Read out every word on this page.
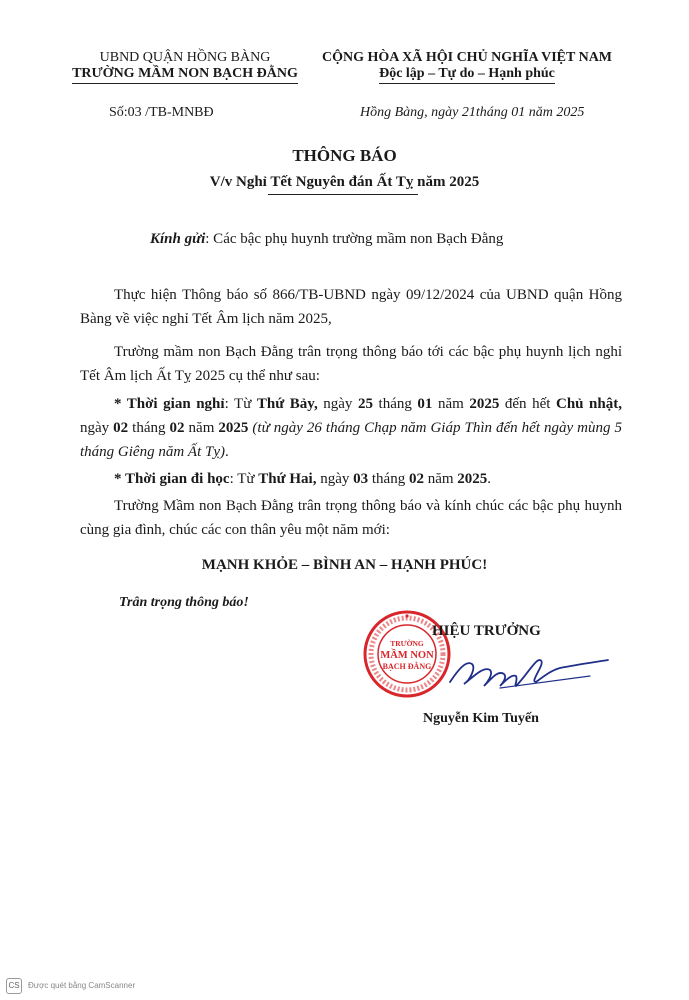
UBND QUẬN HỒNG BÀNG
TRƯỜNG MẦM NON BẠCH ĐẰNG
CỘNG HÒA XÃ HỘI CHỦ NGHĨA VIỆT NAM
Độc lập – Tự do – Hạnh phúc
Số:03 /TB-MNBĐ	Hồng Bàng, ngày 21tháng 01 năm 2025
THÔNG BÁO
V/v Nghỉ Tết Nguyên đán Ất Tỵ năm 2025
Kính gửi: Các bậc phụ huynh trường mầm non Bạch Đằng
Thực hiện Thông báo số 866/TB-UBND ngày 09/12/2024 của UBND quận Hồng Bàng về việc nghỉ Tết Âm lịch năm 2025,
Trường mầm non Bạch Đằng trân trọng thông báo tới các bậc phụ huynh lịch nghỉ Tết Âm lịch Ất Tỵ 2025 cụ thể như sau:
* Thời gian nghỉ: Từ Thứ Bảy, ngày 25 tháng 01 năm 2025 đến hết Chủ nhật, ngày 02 tháng 02 năm 2025 (từ ngày 26 tháng Chạp năm Giáp Thìn đến hết ngày mùng 5 tháng Giêng năm Ất Tỵ).
* Thời gian đi học: Từ Thứ Hai, ngày 03 tháng 02 năm 2025.
Trường Mầm non Bạch Đằng trân trọng thông báo và kính chúc các bậc phụ huynh cùng gia đình, chúc các con thân yêu một năm mới:
MẠNH KHỎE – BÌNH AN – HẠNH PHÚC!
Trân trọng thông báo!
TRƯỜNG
MẦM NON
BẠCH ĐẰNG
HIỆU TRƯỞNG
Nguyễn Kim Tuyến
CS Được quét bằng CamScanner
